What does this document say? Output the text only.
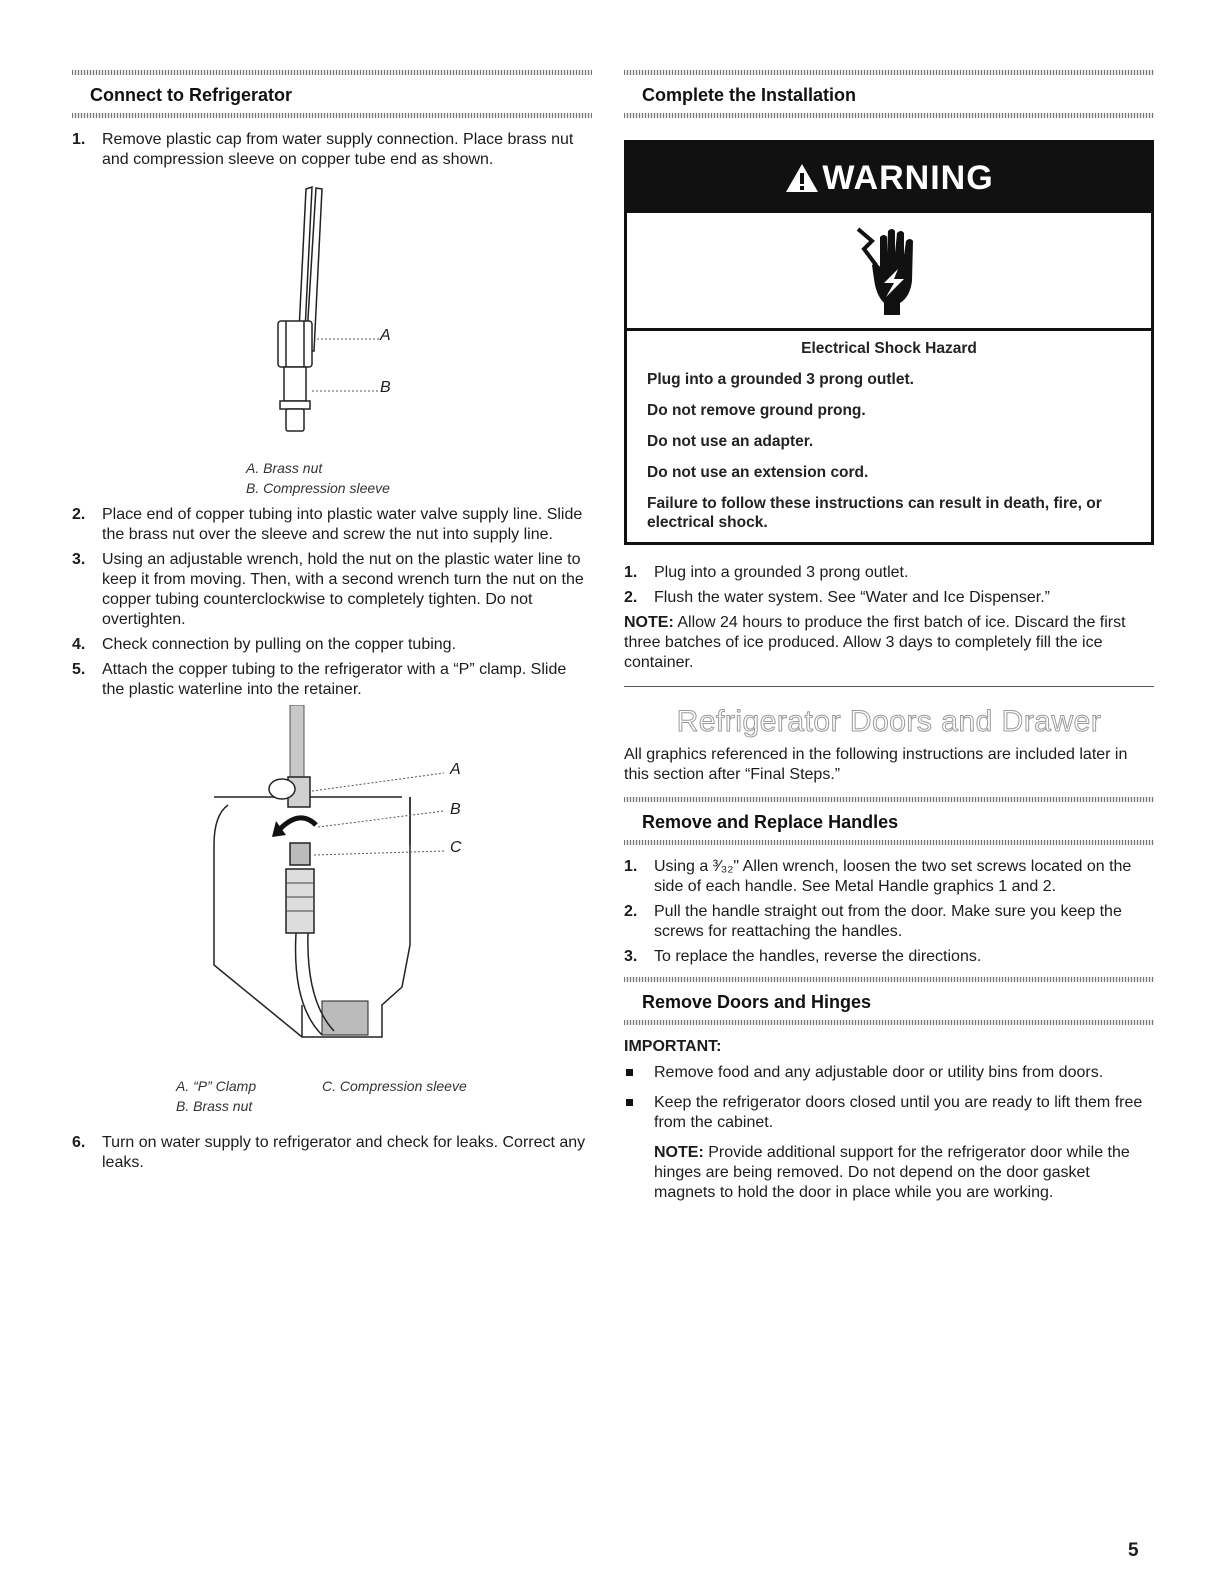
Connect to Refrigerator
1.	Remove plastic cap from water supply connection. Place brass nut and compression sleeve on copper tube end as shown.
A
B
A. Brass nut
B. Compression sleeve
2.	Place end of copper tubing into plastic water valve supply line. Slide the brass nut over the sleeve and screw the nut into supply line.
3.	Using an adjustable wrench, hold the nut on the plastic water line to keep it from moving. Then, with a second wrench turn the nut on the copper tubing counterclockwise to completely tighten. Do not overtighten.
4.	Check connection by pulling on the copper tubing.
5.	Attach the copper tubing to the refrigerator with a “P” clamp. Slide the plastic waterline into the retainer.
A
B
C
A. “P” Clamp
B. Brass nut
C. Compression sleeve
6.	Turn on water supply to refrigerator and check for leaks. Correct any leaks.
Complete the Installation
WARNING
Electrical Shock Hazard

Plug into a grounded 3 prong outlet.

Do not remove ground prong.

Do not use an adapter.

Do not use an extension cord.

Failure to follow these instructions can result in death, fire, or electrical shock.

1.	Plug into a grounded 3 prong outlet.
2.	Flush the water system. See “Water and Ice Dispenser.”

NOTE: Allow 24 hours to produce the first batch of ice. Discard the first three batches of ice produced. Allow 3 days to completely fill the ice container.

Refrigerator Doors and Drawer

All graphics referenced in the following instructions are included later in this section after “Final Steps.”

Remove and Replace Handles
1.	Using a ³⁄₃₂" Allen wrench, loosen the two set screws located on the side of each handle. See Metal Handle graphics 1 and 2.
2.	Pull the handle straight out from the door. Make sure you keep the screws for reattaching the handles.
3.	To replace the handles, reverse the directions.
Remove Doors and Hinges

IMPORTANT:

Remove food and any adjustable door or utility bins from doors.
Keep the refrigerator doors closed until you are ready to lift them free from the cabinet.

NOTE: Provide additional support for the refrigerator door while the hinges are being removed. Do not depend on the door gasket magnets to hold the door in place while you are working.

5
